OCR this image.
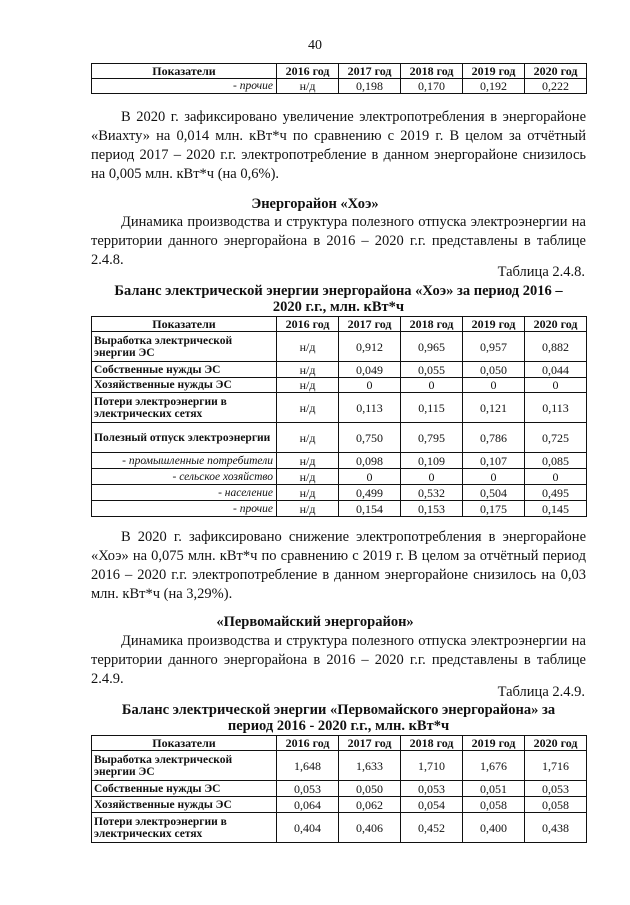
40
Показатели	2016 год	2017 год	2018 год	2019 год	2020 год
- прочие	н/д	0,198	0,170	0,192	0,222

В 2020 г. зафиксировано увеличение электропотребления в энергорайоне «Виахту» на 0,014 млн. кВт*ч по сравнению с 2019 г. В целом за отчётный период 2017 – 2020 г.г. электропотребление в данном энергорайоне снизилось на 0,005 млн. кВт*ч (на 0,6%).

Энергорайон «Хоэ»

Динамика производства и структура полезного отпуска электроэнергии на территории данного энергорайона в 2016 – 2020 г.г. представлены в таблице 2.4.8.

Таблица 2.4.8.
Баланс электрической энергии энергорайона «Хоэ» за период 2016 –
2020 г.г., млн. кВт*ч
Показатели	2016 год	2017 год	2018 год	2019 год	2020 год
Выработка электрической энергии ЭС	н/д	0,912	0,965	0,957	0,882
Собственные нужды ЭС	н/д	0,049	0,055	0,050	0,044
Хозяйственные нужды ЭС	н/д	0	0	0	0
Потери электроэнергии в электрических сетях	н/д	0,113	0,115	0,121	0,113
Полезный отпуск электроэнергии	н/д	0,750	0,795	0,786	0,725
- промышленные потребители	н/д	0,098	0,109	0,107	0,085
- сельское хозяйство	н/д	0	0	0	0
- население	н/д	0,499	0,532	0,504	0,495
- прочие	н/д	0,154	0,153	0,175	0,145

В 2020 г. зафиксировано снижение электропотребления в энергорайоне «Хоэ» на 0,075 млн. кВт*ч по сравнению с 2019 г. В целом за отчётный период 2016 – 2020 г.г. электропотребление в данном энергорайоне снизилось на 0,03 млн. кВт*ч (на 3,29%).

«Первомайский энергорайон»

Динамика производства и структура полезного отпуска электроэнергии на территории данного энергорайона в 2016 – 2020 г.г. представлены в таблице 2.4.9.

Таблица 2.4.9.
Баланс электрической энергии «Первомайского энергорайона» за
период 2016 - 2020 г.г., млн. кВт*ч
Показатели	2016 год	2017 год	2018 год	2019 год	2020 год
Выработка электрической энергии ЭС	1,648	1,633	1,710	1,676	1,716
Собственные нужды ЭС	0,053	0,050	0,053	0,051	0,053
Хозяйственные нужды ЭС	0,064	0,062	0,054	0,058	0,058
Потери электроэнергии в электрических сетях	0,404	0,406	0,452	0,400	0,438
